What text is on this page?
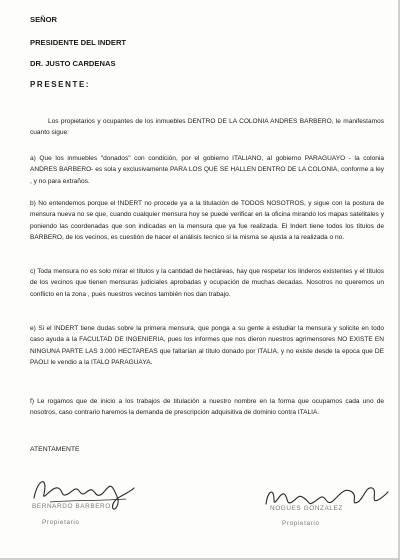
SEÑOR
PRESIDENTE DEL INDERT
DR. JUSTO CARDENAS
PRESENTE:

Los propietarios y ocupantes de los inmuebles DENTRO DE LA COLONIA ANDRES BARBERO, le manifestamos cuanto sigue:

a) Que los inmuebles "donados" con condición, por el gobierno ITALIANO, al gobierno PARAGUAYO - la colonia ANDRES BARBERO- es sola y exclusivamente PARA LOS QUE SE HALLEN DENTRO DE LA COLONIA, conforme a ley , y no para extraños.

b) No entendemos porque el INDERT no procede ya a la titulación de TODOS NOSOTROS, y sigue con la postura de mensura nueva no se que, cuando cualquier mensura hoy se puede verificar en la oficina mirando los mapas satelitales y poniendo las coordenadas que son indicadas en la mensura que ya fue realizada. El Indert tiene todos los títulos de BARBERO, de los vecinos, es cuestión de hacer el análisis tecnico si la misma se ajusta a la realizada o no.

c) Toda mensura no es solo mirar el títulos y la cantidad de hectáreas, hay que respetar los linderos existentes y el títulos de los vecinos que tienen mensuras judiciales aprobadas y ocupación de muchas decadas. Nosotros no queremos un conflicto en la zona , pues nuestros vecinos también nos dan trabajo.

e) Si el INDERT tiene dudas sobre la primera mensura, que ponga a su gente a estudiar la mensura y solicite en todo caso ayuda a la FACULTAD DE INGENIERIA, pues los informes que nos dieron nuestros agrimensores NO EXISTE EN NINGUNA PARTE LAS 3.000 HECTAREAS que faltarían al título donado por ITALIA, y no existe desde la epoca que DE PAOLI le vendio a la ITALO PARAGUAYA.

f) Le rogamos que de inicio a los trabajos de titulación a nuestro nombre en la forma que ocupamos cada uno de nosotros, caso contrario haremos la demanda de prescripción adquisitiva de dominio contra ITALIA.

ATENTAMENTE
BERNARDO BARBERO
Propietario
NOGUES GONZALEZ
Propietario
